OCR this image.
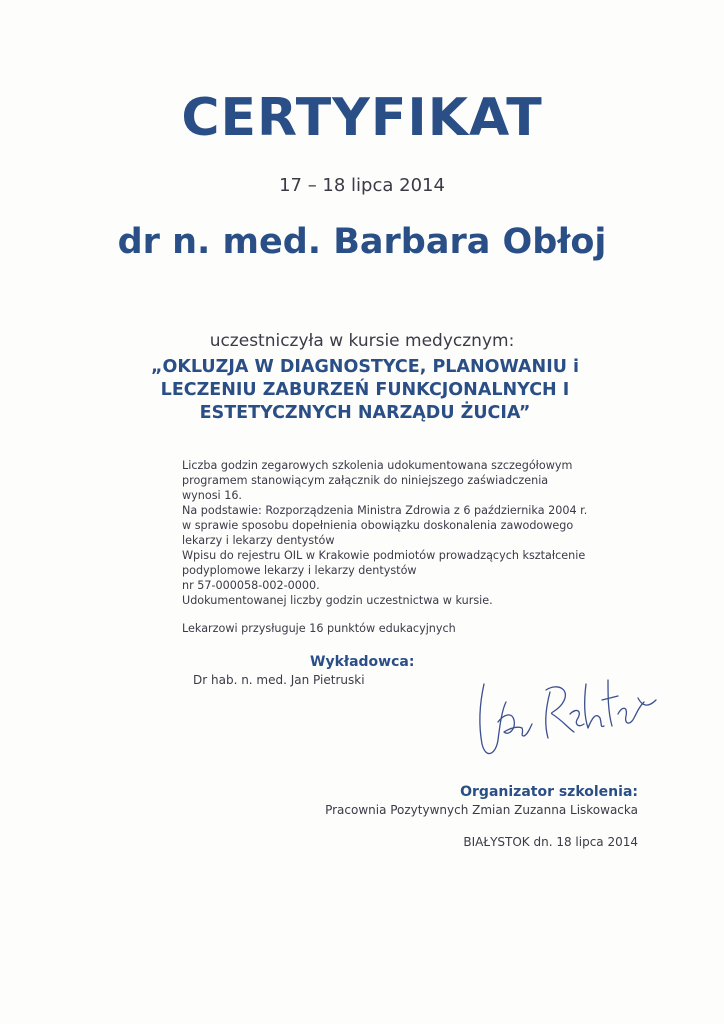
CERTYFIKAT
17 – 18 lipca 2014
dr n. med. Barbara Obłoj
uczestniczyła w kursie medycznym:
„OKLUZJA W DIAGNOSTYCE, PLANOWANIU i
LECZENIU ZABURZEŃ FUNKCJONALNYCH I
ESTETYCZNYCH NARZĄDU ŻUCIA”
Liczba godzin zegarowych szkolenia udokumentowana szczegółowym
programem stanowiącym załącznik do niniejszego zaświadczenia
wynosi 16.
Na podstawie: Rozporządzenia Ministra Zdrowia z 6 października 2004 r.
w sprawie sposobu dopełnienia obowiązku doskonalenia zawodowego
lekarzy i lekarzy dentystów
Wpisu do rejestru OIL w Krakowie podmiotów prowadzących kształcenie
podyplomowe lekarzy i lekarzy dentystów
nr 57-000058-002-0000.
Udokumentowanej liczby godzin uczestnictwa w kursie.
Lekarzowi przysługuje 16 punktów edukacyjnych
Wykładowca:
Dr hab. n. med. Jan Pietruski
Organizator szkolenia:
Pracownia Pozytywnych Zmian Zuzanna Liskowacka
BIAŁYSTOK dn. 18 lipca 2014
